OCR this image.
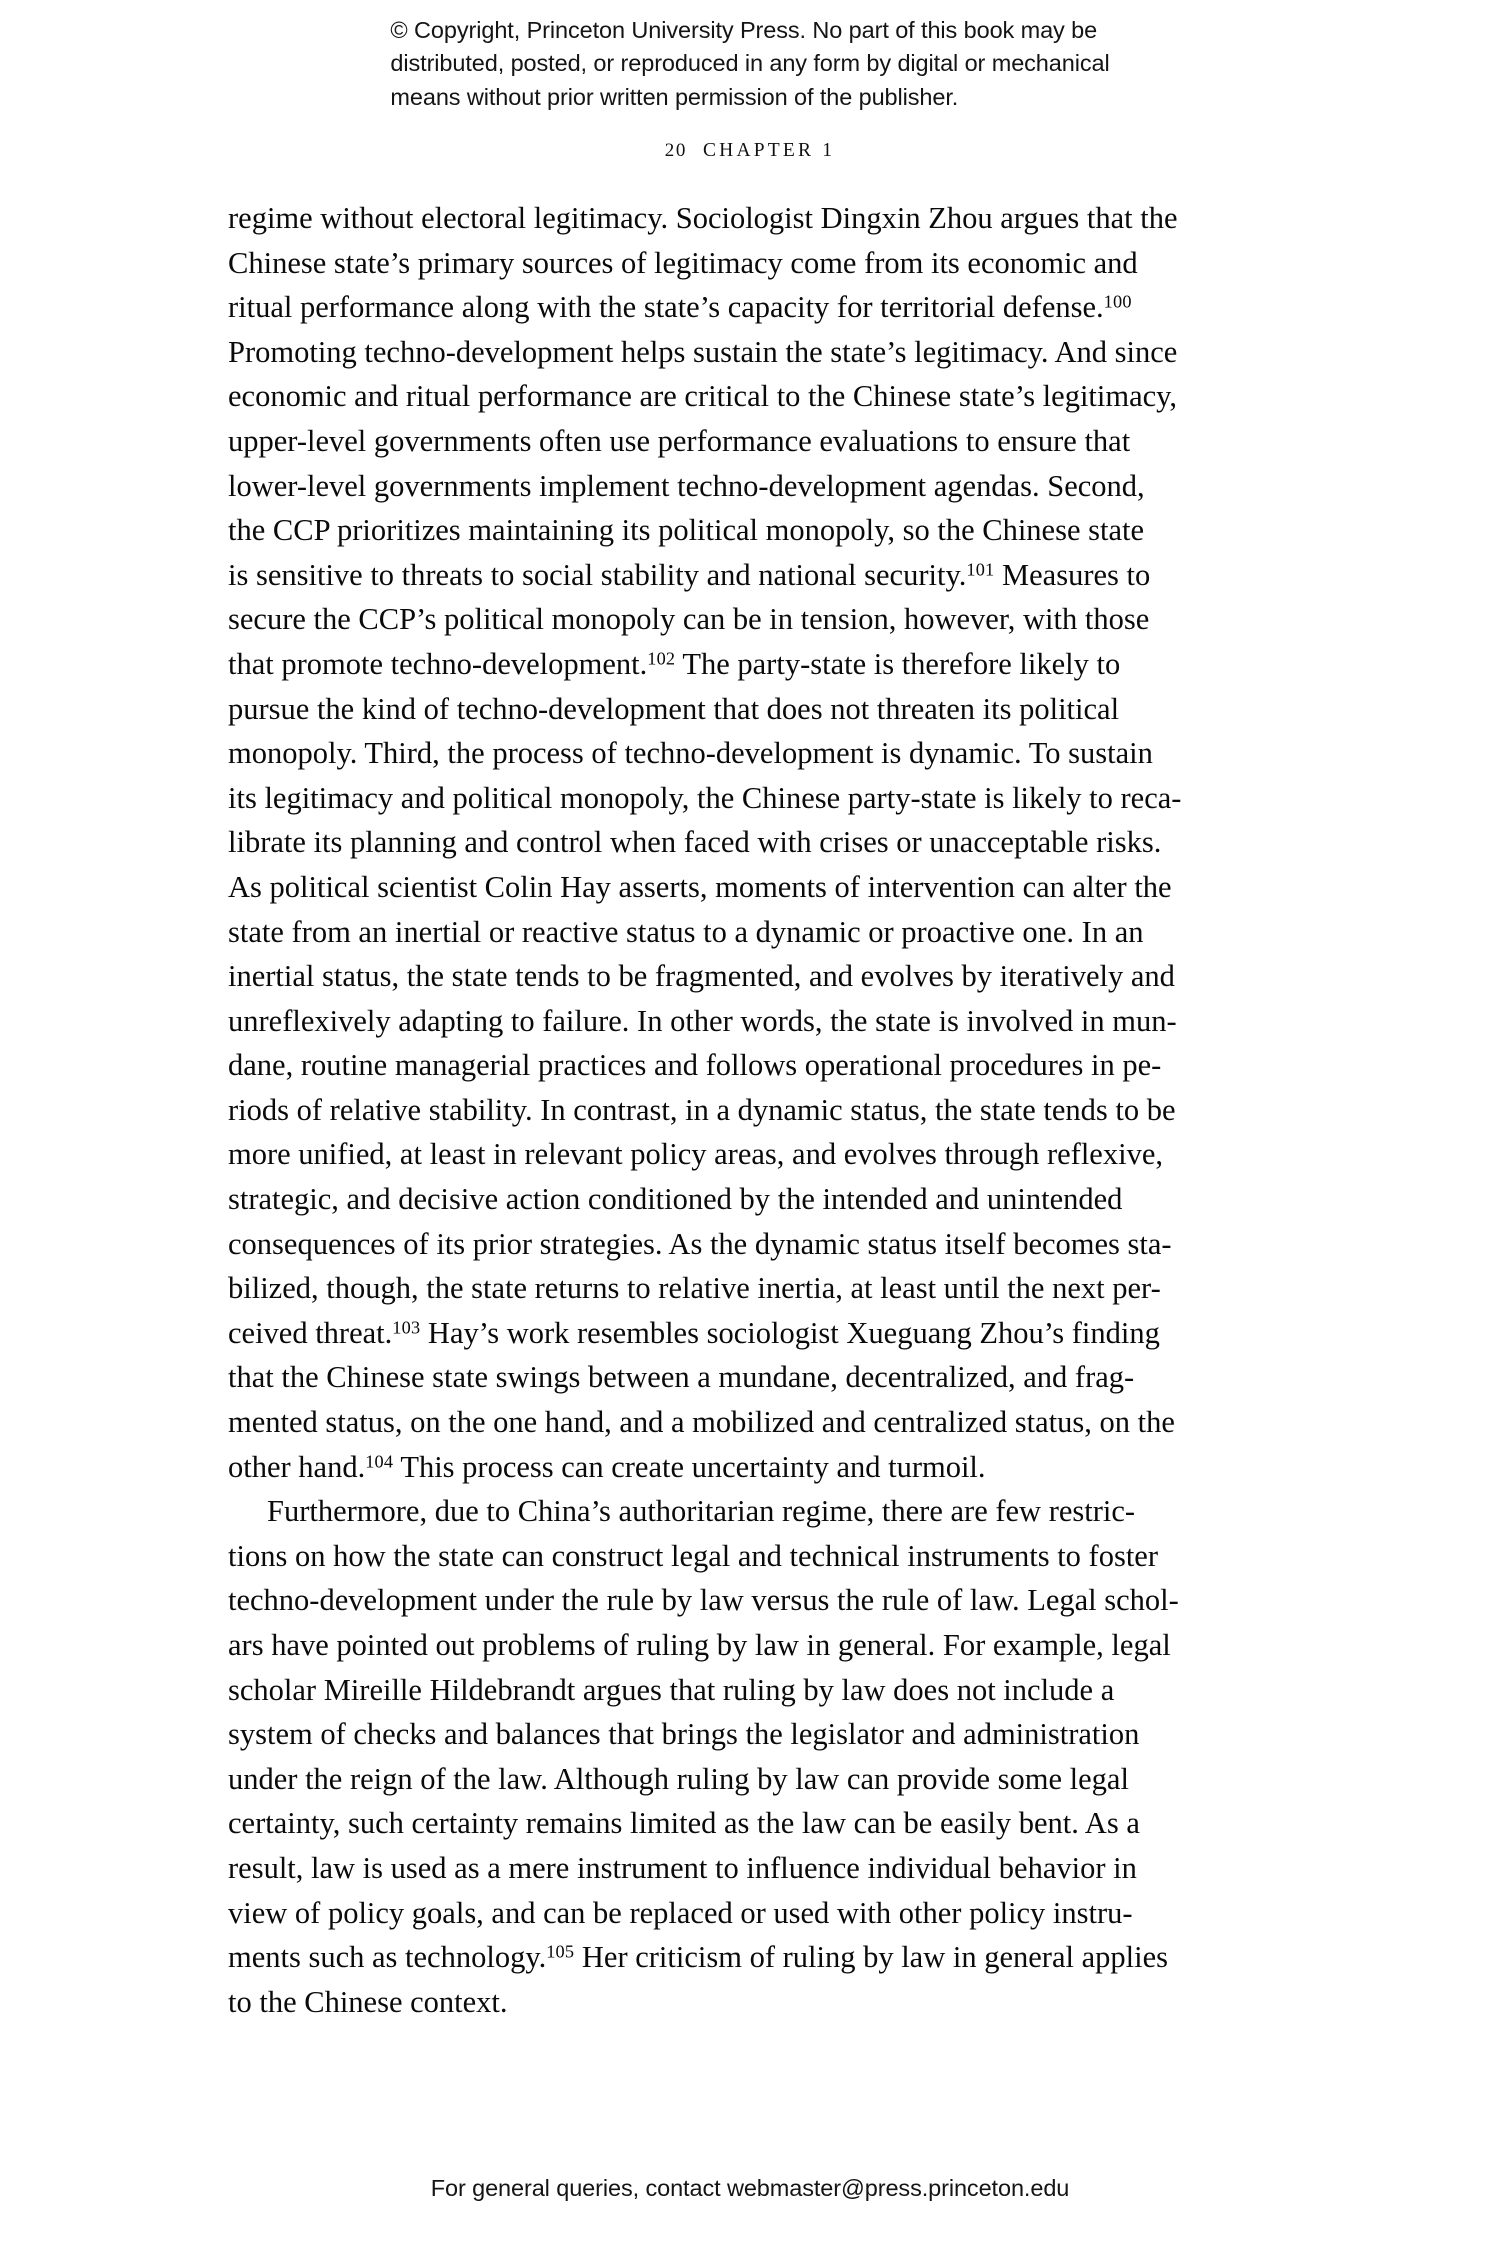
© Copyright, Princeton University Press. No part of this book may be
distributed, posted, or reproduced in any form by digital or mechanical
means without prior written permission of the publisher.
20 CHAPTER 1

regime without electoral legitimacy. Sociologist Dingxin Zhou argues that the
Chinese state’s primary sources of legitimacy come from its economic and
ritual performance along with the state’s capacity for territorial defense.$^{100}$
Promoting techno-development helps sustain the state’s legitimacy. And since
economic and ritual performance are critical to the Chinese state’s legitimacy,
upper-level governments often use performance evaluations to ensure that
lower-level governments implement techno-development agendas. Second,
the CCP prioritizes maintaining its political monopoly, so the Chinese state
is sensitive to threats to social stability and national security.$^{101}$ Measures to
secure the CCP’s political monopoly can be in tension, however, with those
that promote techno-development.$^{102}$ The party-state is therefore likely to
pursue the kind of techno-development that does not threaten its political
monopoly. Third, the process of techno-development is dynamic. To sustain
its legitimacy and political monopoly, the Chinese party-state is likely to reca-
librate its planning and control when faced with crises or unacceptable risks.
As political scientist Colin Hay asserts, moments of intervention can alter the
state from an inertial or reactive status to a dynamic or proactive one. In an
inertial status, the state tends to be fragmented, and evolves by iteratively and
unreflexively adapting to failure. In other words, the state is involved in mun-
dane, routine managerial practices and follows operational procedures in pe-
riods of relative stability. In contrast, in a dynamic status, the state tends to be
more unified, at least in relevant policy areas, and evolves through reflexive,
strategic, and decisive action conditioned by the intended and unintended
consequences of its prior strategies. As the dynamic status itself becomes sta-
bilized, though, the state returns to relative inertia, at least until the next per-
ceived threat.$^{103}$ Hay’s work resembles sociologist Xueguang Zhou’s finding
that the Chinese state swings between a mundane, decentralized, and frag-
mented status, on the one hand, and a mobilized and centralized status, on the
other hand.$^{104}$ This process can create uncertainty and turmoil.

Furthermore, due to China’s authoritarian regime, there are few restric-
tions on how the state can construct legal and technical instruments to foster
techno-development under the rule by law versus the rule of law. Legal schol-
ars have pointed out problems of ruling by law in general. For example, legal
scholar Mireille Hildebrandt argues that ruling by law does not include a
system of checks and balances that brings the legislator and administration
under the reign of the law. Although ruling by law can provide some legal
certainty, such certainty remains limited as the law can be easily bent. As a
result, law is used as a mere instrument to influence individual behavior in
view of policy goals, and can be replaced or used with other policy instru-
ments such as technology.$^{105}$ Her criticism of ruling by law in general applies
to the Chinese context.

For general queries, contact webmaster@press.princeton.edu
